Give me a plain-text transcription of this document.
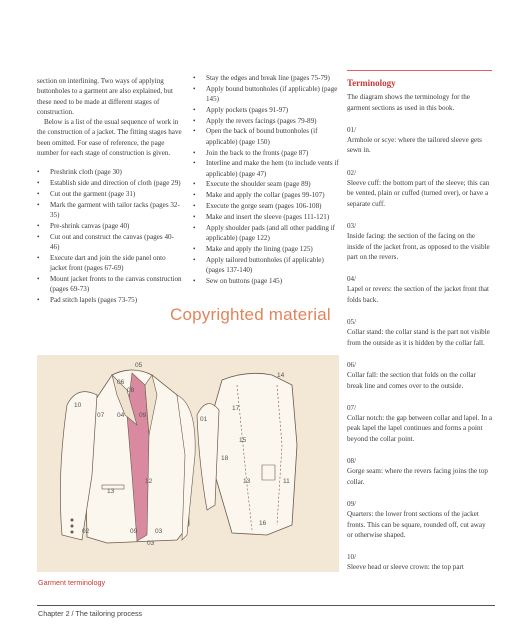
section on interlining. Two ways of applying buttonholes to a garment are also explained, but these need to be made at different stages of construction.

Below is a list of the usual sequence of work in the construction of a jacket. The fitting stages have been omitted. For ease of reference, the page number for each stage of construction is given.

• Preshrink cloth (page 30)
• Establish side and direction of cloth (page 29)
• Cut out the garment (page 31)
• Mark the garment with tailor tacks (pages 32-35)
• Pre-shrink canvas (page 40)
• Cut out and construct the canvas (pages 40-46)
• Execute dart and join the side panel onto jacket front (pages 67-69)
• Mount jacket fronts to the canvas construction (pages 69-73)
• Pad stitch lapels (pages 73-75)
• Stay the edges and break line (pages 75-79)
• Apply bound buttonholes (if applicable) (page 145)
• Apply pockets (pages 91-97)
• Apply the revers facings (pages 79-89)
• Open the back of bound buttonholes (if applicable) (page 150)
• Join the back to the fronts (page 87)
• Interline and make the hem (to include vents if applicable) (page 47)
• Execute the shoulder seam (page 89)
• Make and apply the collar (pages 99-107)
• Execute the gorge seam (pages 106-108)
• Make and insert the sleeve (pages 111-121)
• Apply shoulder pads (and all other padding if applicable) (page 122)
• Make and apply the lining (page 125)
• Apply tailored buttonholes (if applicable) (pages 137-140)
• Sew on buttons (page 145)
Terminology

The diagram shows the terminology for the garment sections as used in this book.

01/
Armhole or scye: where the tailored sleeve gets sewn in.

02/
Sleeve cuff: the bottom part of the sleeve; this can be vented, plain or cuffed (turned over), or have a separate cuff.

03/
Inside facing: the section of the facing on the inside of the jacket front, as opposed to the visible part on the revers.

04/
Lapel or revers: the section of the jacket front that folds back.

05/
Collar stand: the collar stand is the part not visible from the outside as it is hidden by the collar fall.

06/
Collar fall: the section that folds on the collar break line and comes over to the outside.

07/
Collar notch: the gap between collar and lapel. In a peak lapel the lapel continues and forms a point beyond the collar point.

08/
Gorge seam: where the revers facing joins the top collar.

09/
Quarters: the lower front sections of the jacket fronts. This can be square, rounded off, cut away or otherwise shaped.

10/
Sleeve head or sleeve crown: the top part

05
06
08
10
07 04 09
12
13
02	09	03
03
14
17
01
15
18
13	11
16
Copyrighted material
Garment terminology
Chapter 2 / The tailoring process
